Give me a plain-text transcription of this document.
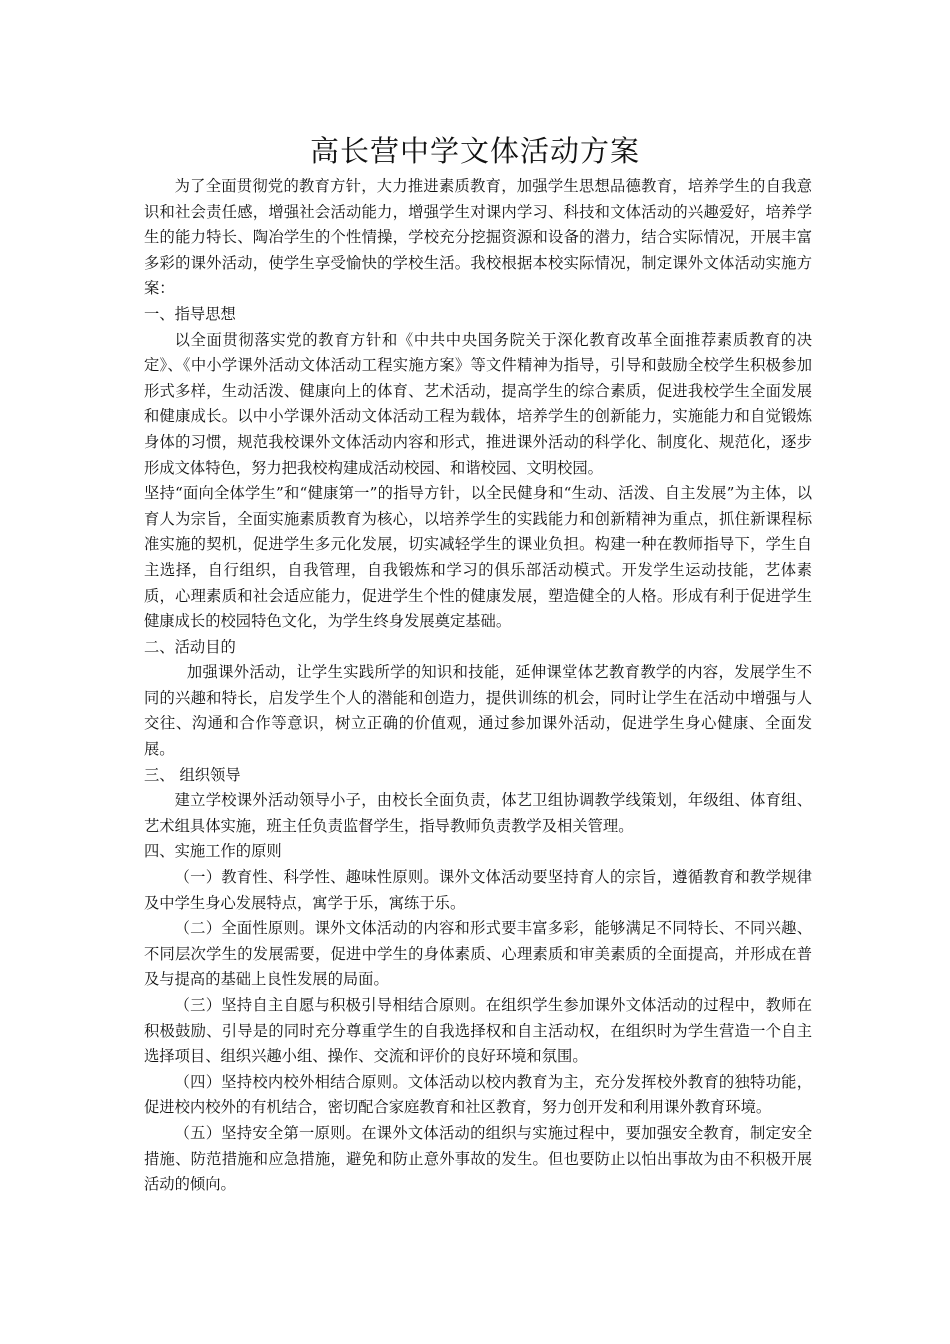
高长营中学文体活动方案

为了全面贯彻党的教育方针，大力推进素质教育，加强学生思想品德教育，培养学生的自我意识和社会责任感，增强社会活动能力，增强学生对课内学习、科技和文体活动的兴趣爱好，培养学生的能力特长、陶冶学生的个性情操，学校充分挖掘资源和设备的潜力，结合实际情况，开展丰富多彩的课外活动，使学生享受愉快的学校生活。我校根据本校实际情况，制定课外文体活动实施方案：

一、指导思想

以全面贯彻落实党的教育方针和《中共中央国务院关于深化教育改革全面推荐素质教育的决定》、《中小学课外活动文体活动工程实施方案》等文件精神为指导，引导和鼓励全校学生积极参加形式多样，生动活泼、健康向上的体育、艺术活动，提高学生的综合素质，促进我校学生全面发展和健康成长。以中小学课外活动文体活动工程为载体，培养学生的创新能力，实施能力和自觉锻炼身体的习惯，规范我校课外文体活动内容和形式，推进课外活动的科学化、制度化、规范化，逐步形成文体特色，努力把我校构建成活动校园、和谐校园、文明校园。

坚持“面向全体学生”和“健康第一”的指导方针，以全民健身和“生动、活泼、自主发展”为主体，以育人为宗旨，全面实施素质教育为核心，以培养学生的实践能力和创新精神为重点，抓住新课程标准实施的契机，促进学生多元化发展，切实减轻学生的课业负担。构建一种在教师指导下，学生自主选择，自行组织，自我管理，自我锻炼和学习的俱乐部活动模式。开发学生运动技能，艺体素质，心理素质和社会适应能力，促进学生个性的健康发展，塑造健全的人格。形成有利于促进学生健康成长的校园特色文化，为学生终身发展奠定基础。

二、活动目的

加强课外活动，让学生实践所学的知识和技能，延伸课堂体艺教育教学的内容，发展学生不同的兴趣和特长，启发学生个人的潜能和创造力，提供训练的机会，同时让学生在活动中增强与人交往、沟通和合作等意识，树立正确的价值观，通过参加课外活动，促进学生身心健康、全面发展。

三、 组织领导

建立学校课外活动领导小子，由校长全面负责，体艺卫组协调教学线策划，年级组、体育组、艺术组具体实施，班主任负责监督学生，指导教师负责教学及相关管理。

四、实施工作的原则

（一）教育性、科学性、趣味性原则。课外文体活动要坚持育人的宗旨，遵循教育和教学规律及中学生身心发展特点，寓学于乐，寓练于乐。

（二）全面性原则。课外文体活动的内容和形式要丰富多彩，能够满足不同特长、不同兴趣、不同层次学生的发展需要，促进中学生的身体素质、心理素质和审美素质的全面提高，并形成在普及与提高的基础上良性发展的局面。

（三）坚持自主自愿与积极引导相结合原则。在组织学生参加课外文体活动的过程中，教师在积极鼓励、引导是的同时充分尊重学生的自我选择权和自主活动权，在组织时为学生营造一个自主选择项目、组织兴趣小组、操作、交流和评价的良好环境和氛围。

（四）坚持校内校外相结合原则。文体活动以校内教育为主，充分发挥校外教育的独特功能，促进校内校外的有机结合，密切配合家庭教育和社区教育，努力创开发和利用课外教育环境。

（五）坚持安全第一原则。在课外文体活动的组织与实施过程中，要加强安全教育，制定安全措施、防范措施和应急措施，避免和防止意外事故的发生。但也要防止以怕出事故为由不积极开展活动的倾向。
